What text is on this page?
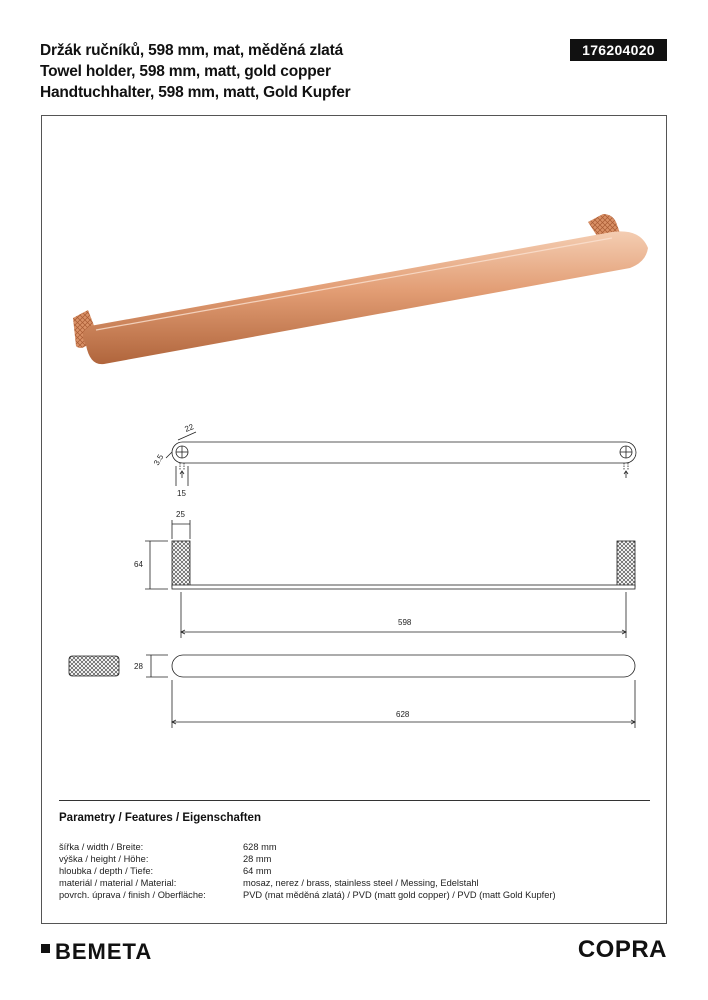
Držák ručníků, 598 mm, mat, měděná zlatá
Towel holder, 598 mm, matt, gold copper
Handtuchhalter, 598 mm, matt, Gold Kupfer
176204020
22
3.5
15
25
64
598
28
628
Parametry / Features / Eigenschaften
šířka / width / Breite:	628 mm
výška / height / Höhe:	28 mm
hloubka / depth / Tiefe:	64 mm
materiál / material / Material:	mosaz, nerez / brass, stainless steel / Messing, Edelstahl
povrch. úprava / finish / Oberfläche:	PVD (mat měděná zlatá) / PVD (matt gold copper) / PVD (matt Gold Kupfer)
BEMETA	COPRA
